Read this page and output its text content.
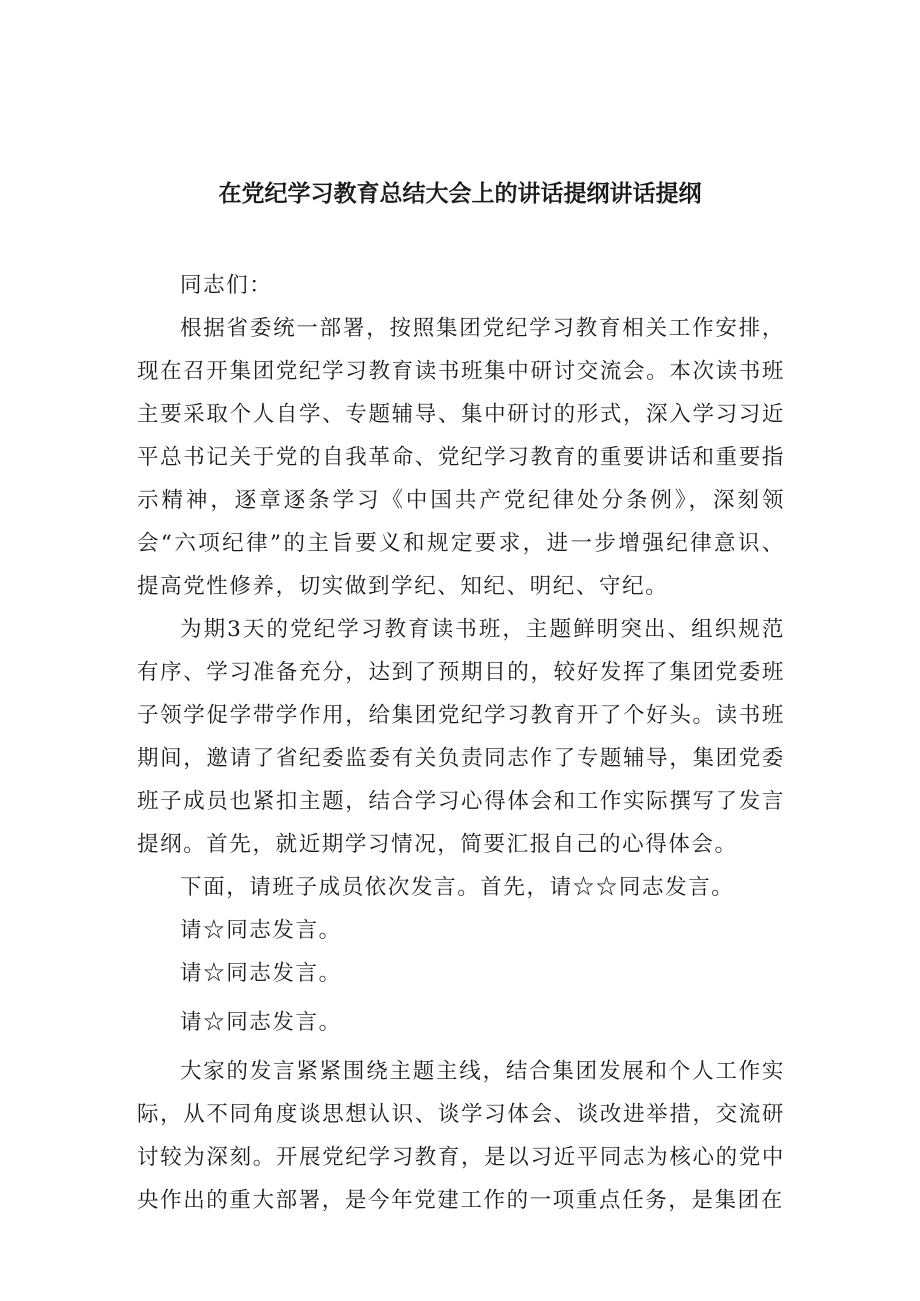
在党纪学习教育总结大会上的讲话提纲讲话提纲

同志们：

根据省委统一部署，按照集团党纪学习教育相关工作安排，现在召开集团党纪学习教育读书班集中研讨交流会。本次读书班主要采取个人自学、专题辅导、集中研讨的形式，深入学习习近平总书记关于党的自我革命、党纪学习教育的重要讲话和重要指示精神，逐章逐条学习《中国共产党纪律处分条例》，深刻领会“六项纪律”的主旨要义和规定要求，进一步增强纪律意识、提高党性修养，切实做到学纪、知纪、明纪、守纪。

为期3天的党纪学习教育读书班，主题鲜明突出、组织规范有序、学习准备充分，达到了预期目的，较好发挥了集团党委班子领学促学带学作用，给集团党纪学习教育开了个好头。读书班期间，邀请了省纪委监委有关负责同志作了专题辅导，集团党委班子成员也紧扣主题，结合学习心得体会和工作实际撰写了发言提纲。首先，就近期学习情况，简要汇报自己的心得体会。

下面，请班子成员依次发言。首先，请☆☆同志发言。

请☆同志发言。

请☆同志发言。

请☆同志发言。

大家的发言紧紧围绕主题主线，结合集团发展和个人工作实际，从不同角度谈思想认识、谈学习体会、谈改进举措，交流研讨较为深刻。开展党纪学习教育，是以习近平同志为核心的党中央作出的重大部署，是今年党建工作的一项重点任务，是集团在
